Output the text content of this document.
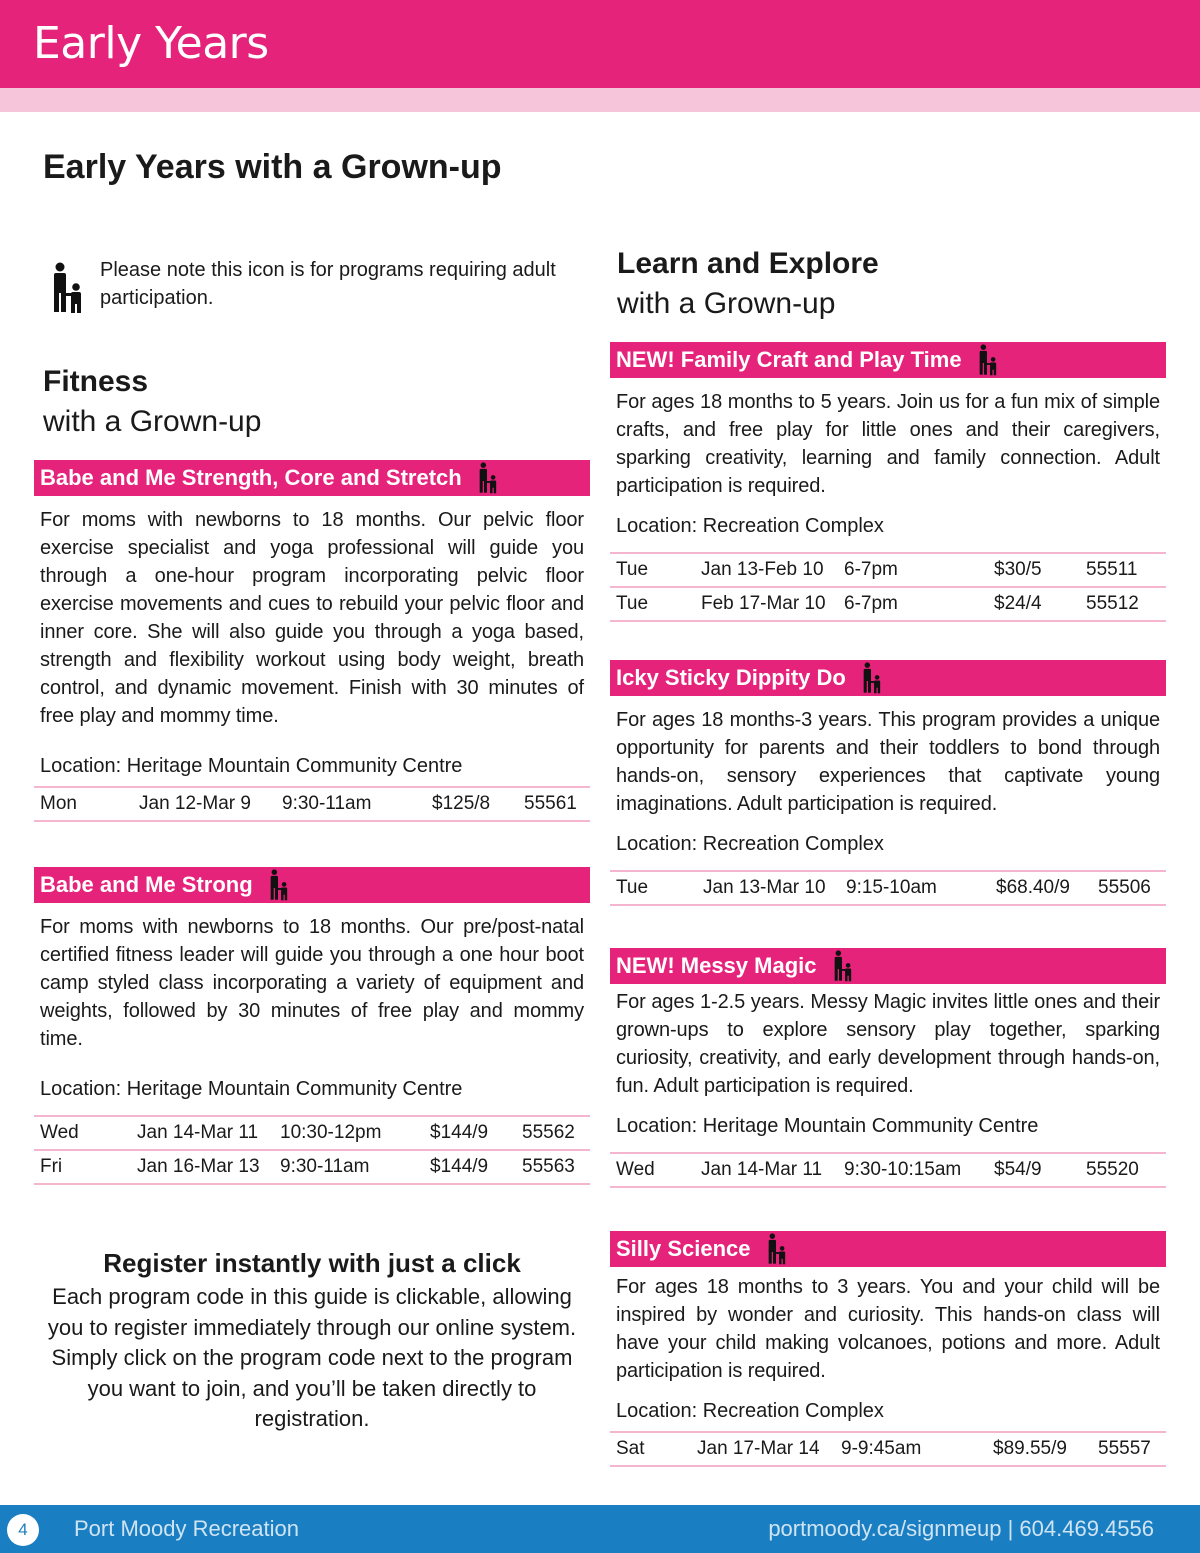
Early Years
Early Years with a Grown-up
Please note this icon is for programs requiring adult participation.
Fitness
with a Grown-up
Learn and Explore
with a Grown-up
Babe and Me Strength, Core and Stretch
For moms with newborns to 18 months. Our pelvic floor exercise specialist and yoga professional will guide you through a one-hour program incorporating pelvic floor exercise movements and cues to rebuild your pelvic floor and inner core. She will also guide you through a yoga based, strength and flexibility workout using body weight, breath control, and dynamic movement. Finish with 30 minutes of free play and mommy time.
Location: Heritage Mountain Community Centre
Mon	Jan 12-Mar 9 9:30-11am	$125/8 55561
Babe and Me Strong
For moms with newborns to 18 months. Our pre/post-natal certified fitness leader will guide you through a one hour boot camp styled class incorporating a variety of equipment and weights, followed by 30 minutes of free play and mommy time.
Location: Heritage Mountain Community Centre
Wed	Jan 14-Mar 11 10:30-12pm	$144/9 55562
Fri	Jan 16-Mar 13 9:30-11am	$144/9 55563
NEW! Family Craft and Play Time
For ages 18 months to 5 years. Join us for a fun mix of simple crafts, and free play for little ones and their caregivers, sparking creativity, learning and family connection. Adult participation is required.
Location: Recreation Complex
Tue	Jan 13-Feb 10 6-7pm	$30/5 55511
Tue	Feb 17-Mar 10 6-7pm	$24/4 55512
Icky Sticky Dippity Do
For ages 18 months-3 years. This program provides a unique opportunity for parents and their toddlers to bond through hands-on, sensory experiences that captivate young imaginations. Adult participation is required.
Location: Recreation Complex
Tue	Jan 13-Mar 10 9:15-10am	$68.40/9 55506
NEW! Messy Magic
For ages 1-2.5 years. Messy Magic invites little ones and their grown-ups to explore sensory play together, sparking curiosity, creativity, and early development through hands-on, fun. Adult participation is required.
Location: Heritage Mountain Community Centre
Wed Jan 14-Mar 11 9:30-10:15am $54/9 55520
Silly Science
For ages 18 months to 3 years. You and your child will be inspired by wonder and curiosity. This hands-on class will have your child making volcanoes, potions and more. Adult participation is required.
Location: Recreation Complex
Sat	Jan 17-Mar 14 9-9:45am	$89.55/9 55557
Register instantly with just a click
Each program code in this guide is clickable, allowing you to register immediately through our online system. Simply click on the program code next to the program you want to join, and you’ll be taken directly to registration.
4	Port Moody Recreation	portmoody.ca/signmeup | 604.469.4556
